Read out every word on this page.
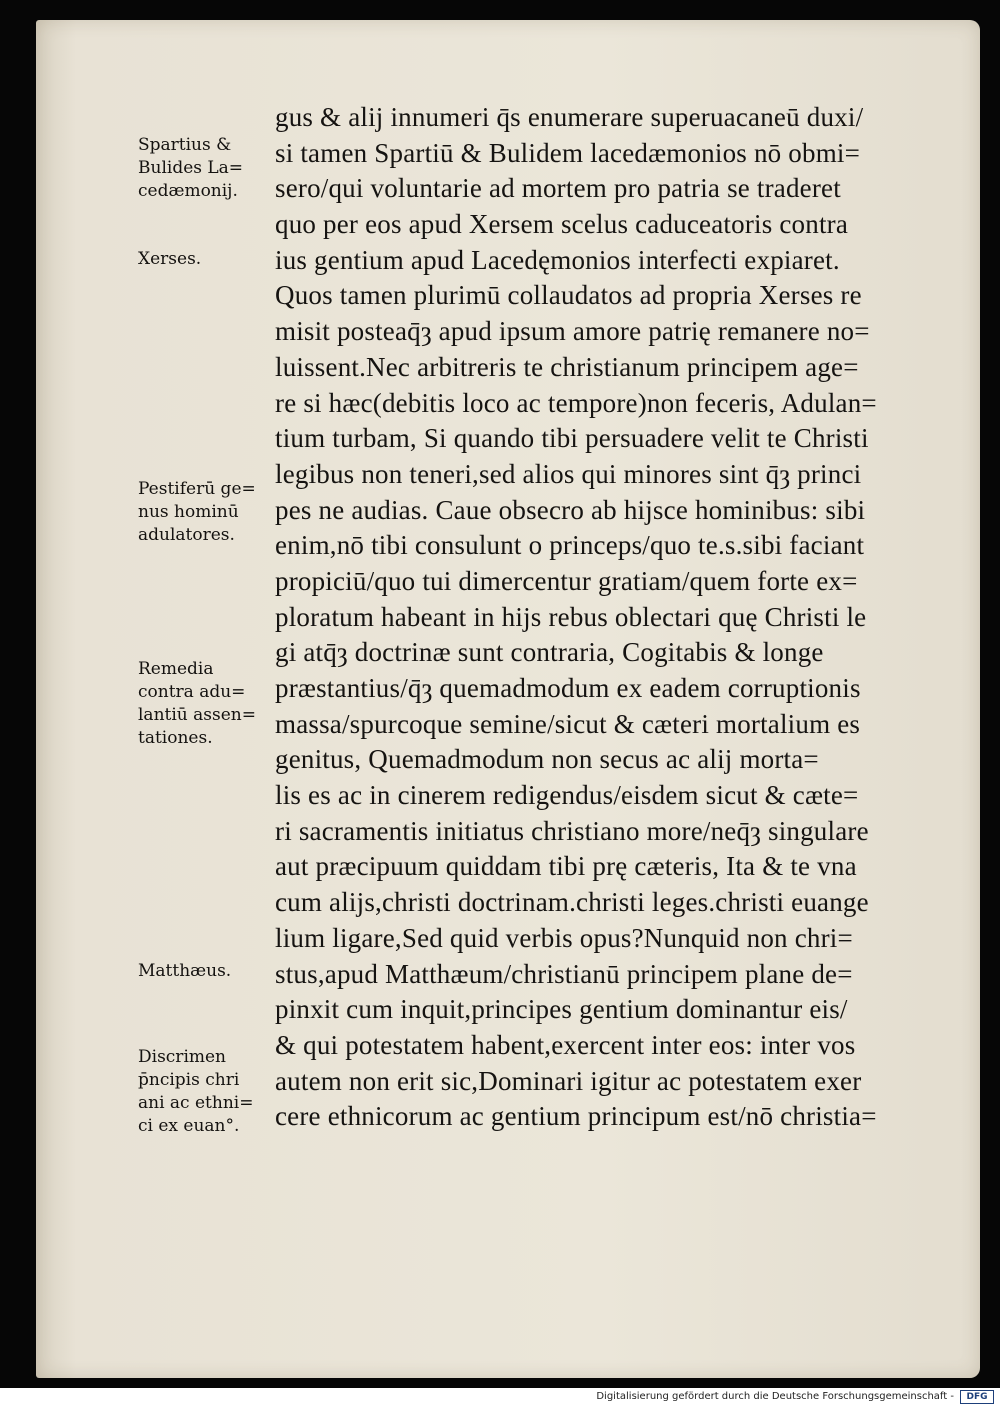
Spartius &
Bulides La=
cedæmonij.
Xerses.
Pestiferū ge=
nus hominū
adulatores.
Remedia
contra adu=
lantiū assen=
tationes.
Matthæus.
Discrimen
p̄ncipis chri
ani ac ethni=
ci ex euan°.
gus & alij innumeri q̄s enumerare superuacaneū duxi/
si tamen Spartiū & Bulidem lacedæmonios nō obmi=
sero/qui voluntarie ad mortem pro patria se traderet
quo per eos apud Xersem scelus caduceatoris contra
ius gentium apud Lacedęmonios interfecti expiaret.
Quos tamen plurimū collaudatos ad propria Xerses re
misit posteaq̄ȝ apud ipsum amore patrię remanere no=
luissent.Nec arbitreris te christianum principem age=
re si hæc(debitis loco ac tempore)non feceris, Adulan=
tium turbam, Si quando tibi persuadere velit te Christi
legibus non teneri,sed alios qui minores sint q̄ȝ princi
pes ne audias. Caue obsecro ab hijsce hominibus: sibi
enim,nō tibi consulunt o princeps/quo te.s.sibi faciant
propiciū/quo tui dimercentur gratiam/quem forte ex=
ploratum habeant in hijs rebus oblectari quę Christi le
gi atq̄ȝ doctrinæ sunt contraria, Cogitabis & longe
præstantius/q̄ȝ quemadmodum ex eadem corruptionis
massa/spurcoque semine/sicut & cæteri mortalium es
genitus, Quemadmodum non secus ac alij morta=
lis es ac in cinerem redigendus/eisdem sicut & cæte=
ri sacramentis initiatus christiano more/neq̄ȝ singulare
aut præcipuum quiddam tibi prę cæteris, Ita & te vna
cum alijs,christi doctrinam.christi leges.christi euange
lium ligare,Sed quid verbis opus?Nunquid non chri=
stus,apud Matthæum/christianū principem plane de=
pinxit cum inquit,principes gentium dominantur eis/
& qui potestatem habent,exercent inter eos: inter vos
autem non erit sic,Dominari igitur ac potestatem exer
cere ethnicorum ac gentium principum est/nō christia=
Digitalisierung gefördert durch die Deutsche Forschungsgemeinschaft -	DFG
